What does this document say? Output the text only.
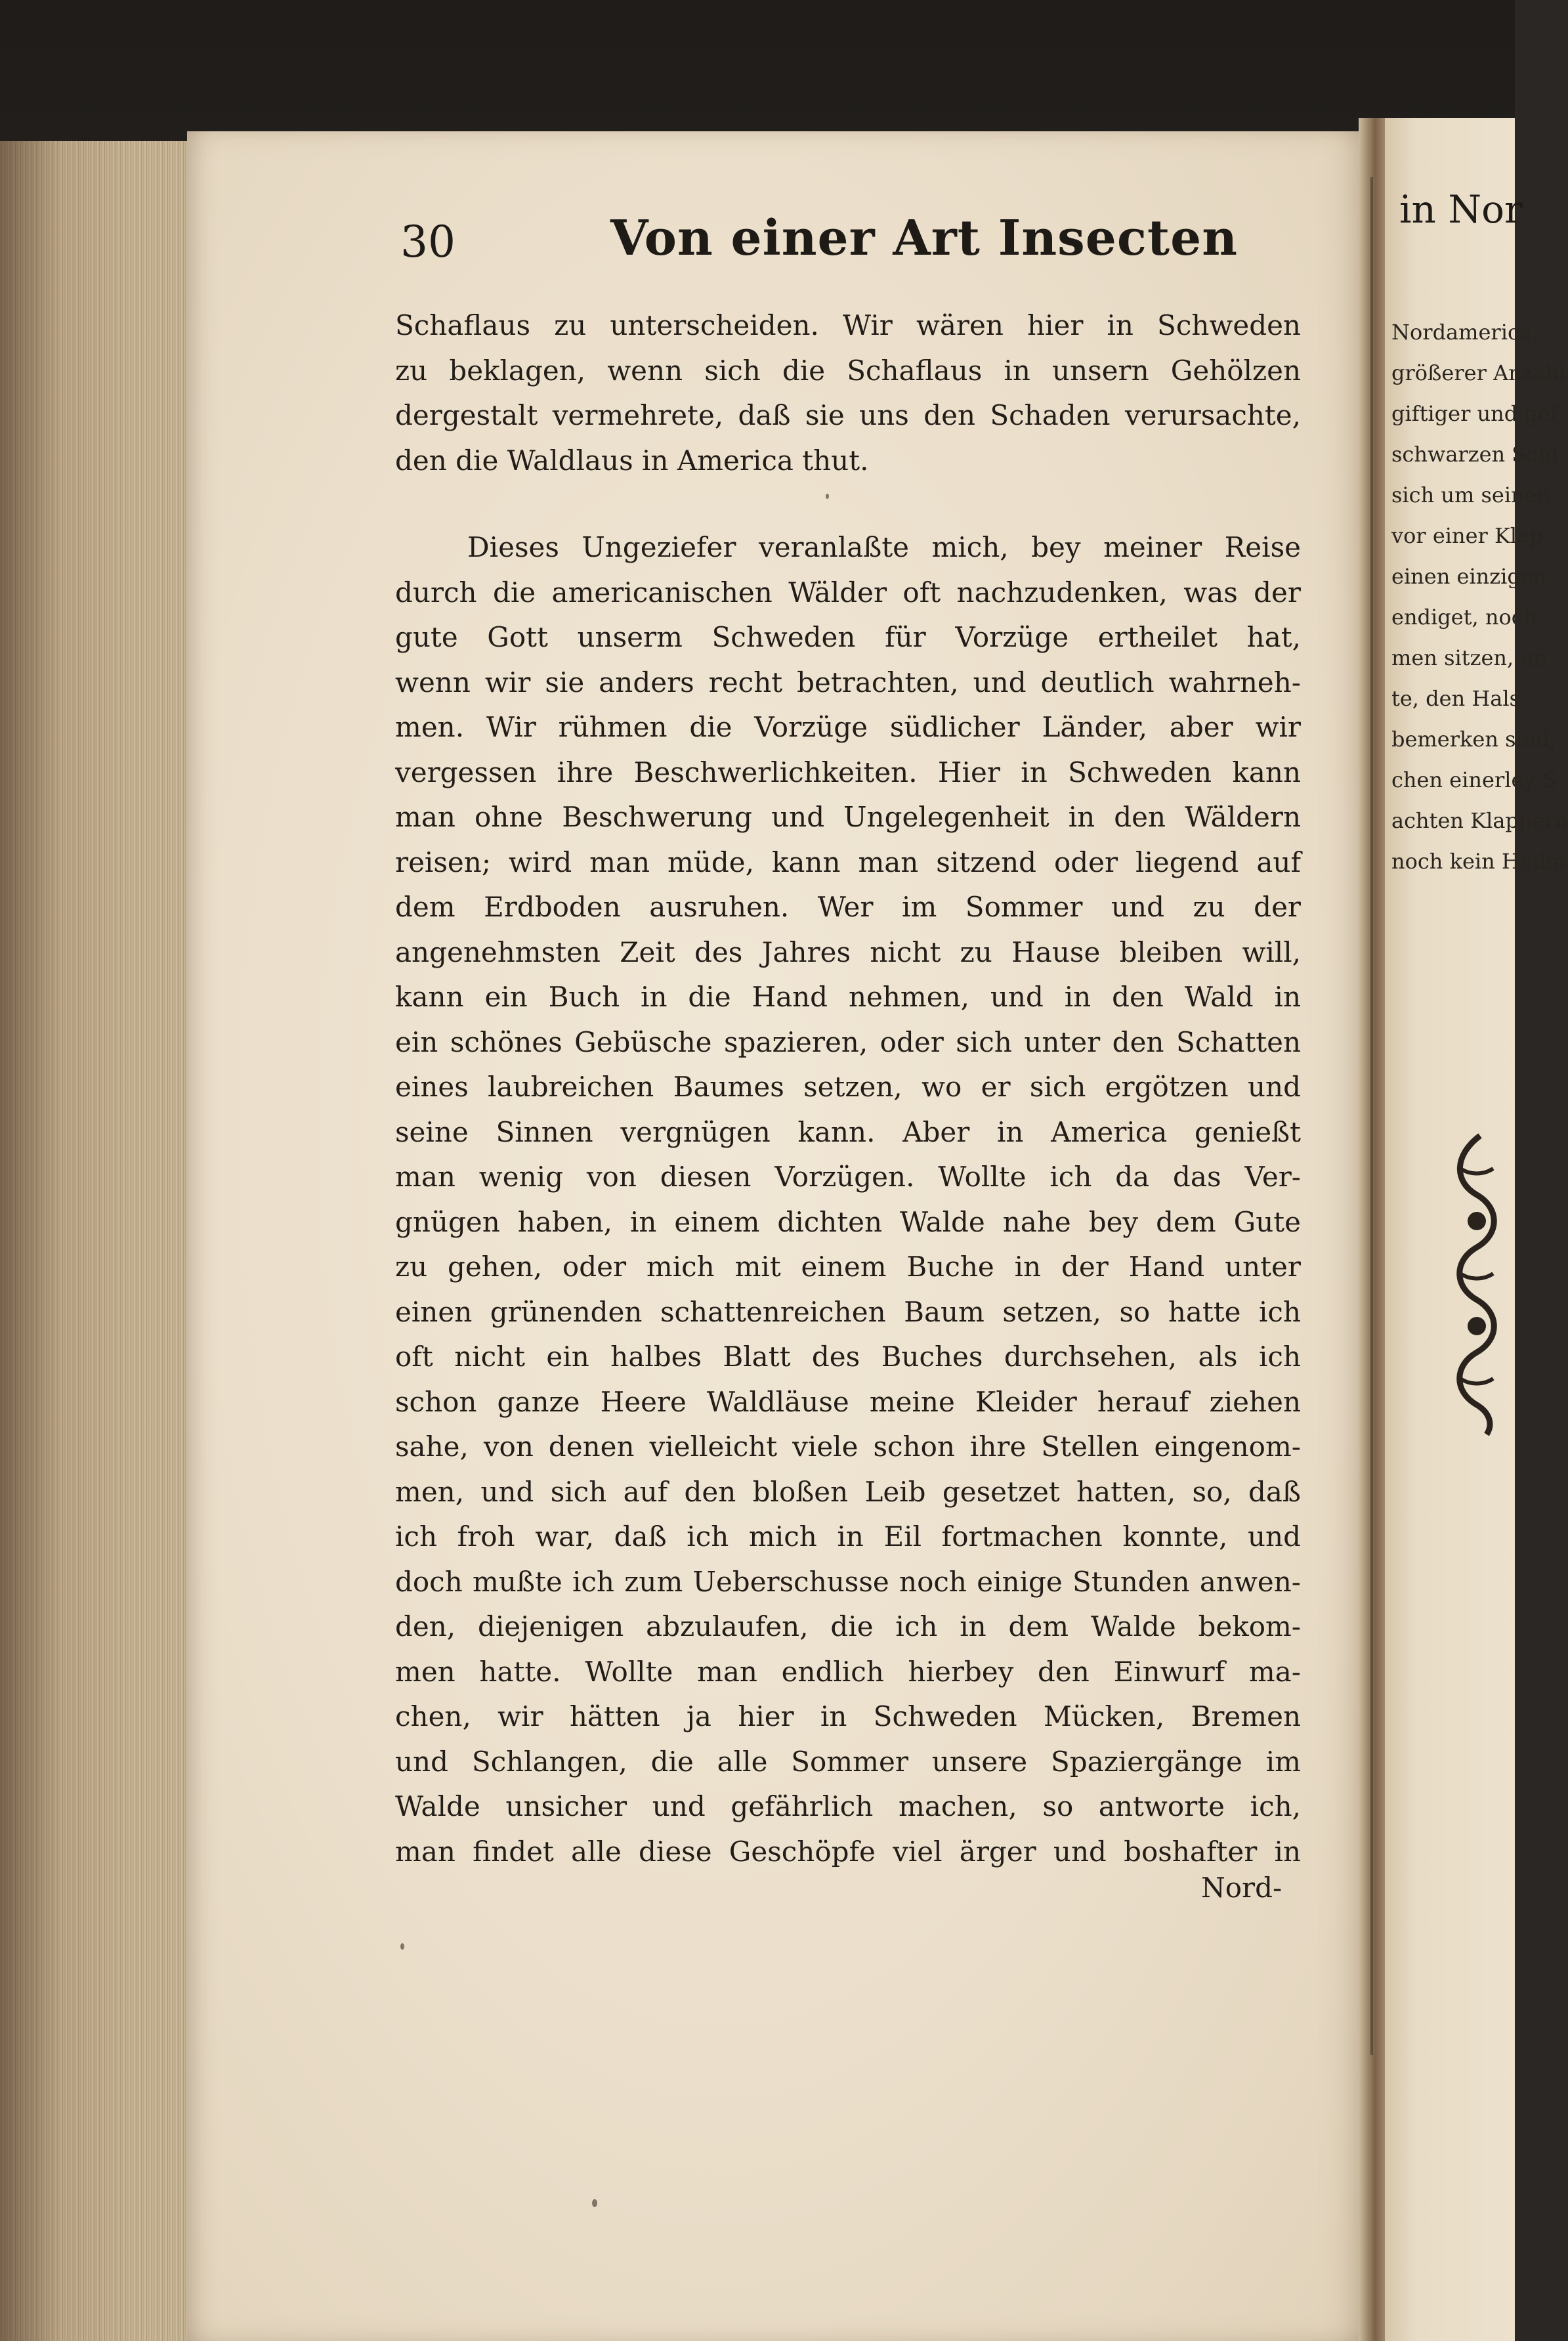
in Nor
Nordamerica,
größerer Anzahl
giftiger und gef
schwarzen Schl
sich um seinen
vor einer Klap
einen einzigen
endiget, noch
men sitzen, un
te, den Hals
bemerken sind,
chen einerley S
achten Klappern
noch kein Heilm
30	Von einer Art Insecten
Schaflaus zu unterscheiden. Wir wären hier in Schweden
zu beklagen, wenn sich die Schaflaus in unsern Gehölzen
dergestalt vermehrete, daß sie uns den Schaden verursachte,
den die Waldlaus in America thut.
Dieses Ungeziefer veranlaßte mich, bey meiner Reise
durch die americanischen Wälder oft nachzudenken, was der
gute Gott unserm Schweden für Vorzüge ertheilet hat,
wenn wir sie anders recht betrachten, und deutlich wahrneh-
men. Wir rühmen die Vorzüge südlicher Länder, aber wir
vergessen ihre Beschwerlichkeiten. Hier in Schweden kann
man ohne Beschwerung und Ungelegenheit in den Wäldern
reisen; wird man müde, kann man sitzend oder liegend auf
dem Erdboden ausruhen. Wer im Sommer und zu der
angenehmsten Zeit des Jahres nicht zu Hause bleiben will,
kann ein Buch in die Hand nehmen, und in den Wald in
ein schönes Gebüsche spazieren, oder sich unter den Schatten
eines laubreichen Baumes setzen, wo er sich ergötzen und
seine Sinnen vergnügen kann. Aber in America genießt
man wenig von diesen Vorzügen. Wollte ich da das Ver-
gnügen haben, in einem dichten Walde nahe bey dem Gute
zu gehen, oder mich mit einem Buche in der Hand unter
einen grünenden schattenreichen Baum setzen, so hatte ich
oft nicht ein halbes Blatt des Buches durchsehen, als ich
schon ganze Heere Waldläuse meine Kleider herauf ziehen
sahe, von denen vielleicht viele schon ihre Stellen eingenom-
men, und sich auf den bloßen Leib gesetzet hatten, so, daß
ich froh war, daß ich mich in Eil fortmachen konnte, und
doch mußte ich zum Ueberschusse noch einige Stunden anwen-
den, diejenigen abzulaufen, die ich in dem Walde bekom-
men hatte. Wollte man endlich hierbey den Einwurf ma-
chen, wir hätten ja hier in Schweden Mücken, Bremen
und Schlangen, die alle Sommer unsere Spaziergänge im
Walde unsicher und gefährlich machen, so antworte ich,
man findet alle diese Geschöpfe viel ärger und boshafter in
Nord-
